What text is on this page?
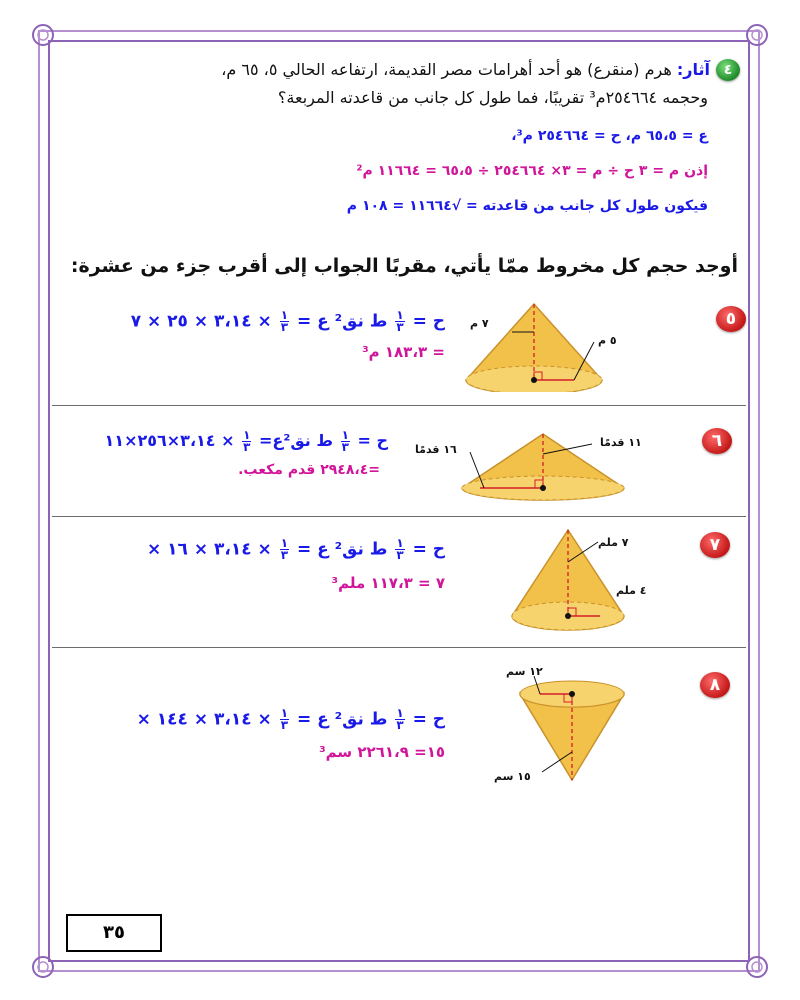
٤
آثار: هرم (منقرع) هو أحد أهرامات مصر القديمة، ارتفاعه الحالي ٥، ٦٥ م،
وحجمه ٢٥٤٦٦٤م³ تقريبًا، فما طول كل جانب من قاعدته المربعة؟
ع = ٦٥،٥ م، ح = ٢٥٤٦٦٤ م³،
إذن م = ٣ ح ÷ م = ٣× ٢٥٤٦٦٤ ÷ ٦٥،٥ = ١١٦٦٤ م²
فيكون طول كل جانب من قاعدته = √١١٦٦٤ = ١٠٨ م
أوجد حجم كل مخروط ممّا يأتي، مقربًا الجواب إلى أقرب جزء من عشرة:
٥
٧ م
٥ م
ح =
$\frac{١}{٣}$
ط نق² ع =
$\frac{١}{٣}$
× ٣،١٤ × ٢٥ × ٧
= ١٨٣،٣ م³
٦
١١ قدمًا
١٦ قدمًا
ح =
$\frac{١}{٣}$
ط نق²ع=
$\frac{١}{٣}$
× ٣،١٤×٢٥٦×١١
=٢٩٤٨،٤ قدم مكعب.
٧
٧ ملم
٤ ملم
ح =
$\frac{١}{٣}$
ط نق² ع =
$\frac{١}{٣}$
× ٣،١٤ × ١٦ ×
٧ = ١١٧،٣ ملم³
٨
١٢ سم
١٥ سم
ح =
$\frac{١}{٣}$
ط نق² ع =
$\frac{١}{٣}$
× ٣،١٤ × ١٤٤ ×
١٥= ٢٢٦١،٩ سم³
٣٥
